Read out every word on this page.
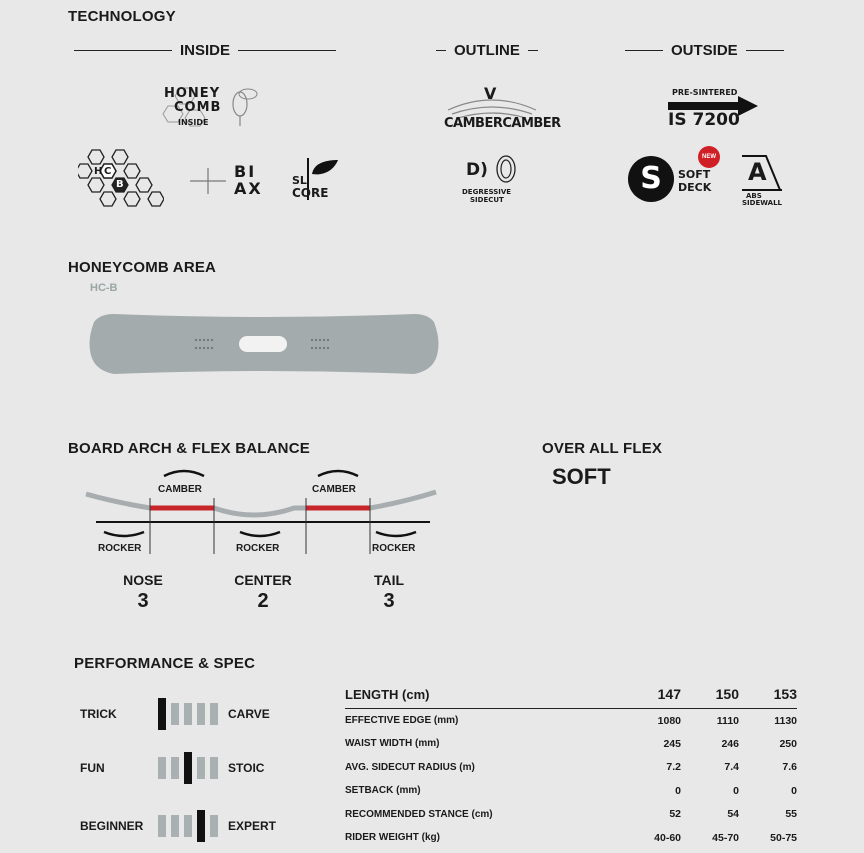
TECHNOLOGY
INSIDE	OUTLINE	OUTSIDE
HONEY
COMB
INSIDE
H C
B
BI
AX	SL
CORE
V
CAMBERCAMBER
D)
DEGRESSIVE
SIDECUT
PRE-SINTERED
IS 7200
S
NEW
SOFT
DECK
A
ABS
SIDEWALL
HONEYCOMB AREA
HC-B
BOARD ARCH & FLEX BALANCE
CAMBER	CAMBER
ROCKER	ROCKER	ROCKER
NOSE
3
CENTER
2
TAIL
3
OVER ALL FLEX
SOFT
PERFORMANCE & SPEC
TRICK	CARVE
FUN	STOIC
BEGINNER	EXPERT
LENGTH (cm)	147	150	153
EFFECTIVE EDGE (mm)	1080	1110	1130
WAIST WIDTH (mm)	245	246	250
AVG. SIDECUT RADIUS (m)	7.2	7.4	7.6
SETBACK (mm)	0	0	0
RECOMMENDED STANCE (cm)	52	54	55
RIDER WEIGHT (kg)	40-60	45-70	50-75
